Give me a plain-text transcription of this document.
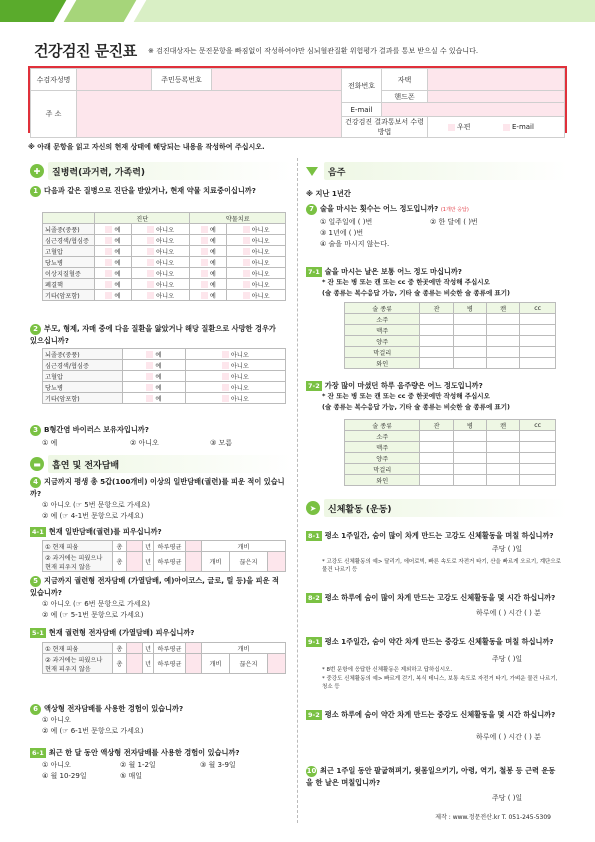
건강검진 문진표 ※ 검진대상자는 문진문항을 빠짐없이 작성하여야만 심뇌혈관질환 위험평가 결과를 통보 받으실 수 있습니다.
수검자성명		주민등록번호		전화번호	자택	
주 소					핸드폰	
				E-mail		
				건강검진 결과통보서 수령방법		우편 E-mail
※ 아래 문항을 읽고 자신의 현재 상태에 해당되는 내용을 작성하여 주십시오.
✚	질병력(과거력, 가족력)
1 다음과 같은 질병으로 진단을 받았거나, 현재 약물 치료중이십니까?
	진단		약물치료	
뇌졸중(중풍)	예	아니오	예	아니오
심근경색/협심증	예	아니오	예	아니오
고혈압	예	아니오	예	아니오
당뇨병	예	아니오	예	아니오
이상지질혈증	예	아니오	예	아니오
폐결핵	예	아니오	예	아니오
기타(암포함)	예	아니오	예	아니오
2 부모, 형제, 자매 중에 다음 질환을 앓았거나 해당 질환으로 사망한 경우가 있으십니까?
뇌졸중(중풍)	예	아니오
심근경색/협심증	예	아니오
고혈압	예	아니오
당뇨병	예	아니오
기타(암포함)	예	아니오
3 B형간염 바이러스 보유자입니까?
① 예	② 아니오	③ 모름
▬	흡연 및 전자담배
4 지금까지 평생 총 5갑(100개비) 이상의 일반담배(궐련)를 피운 적이 있습니까?
① 아니오 (☞ 5번 문항으로 가세요)
② 예 (☞ 4-1번 문항으로 가세요)
4-1 현재 일반담배(궐련)를 피우십니까?
① 현재 피움	총		년	하루평균		개비		
② 과거에는 피웠으나 현재 피우지 않음	총		년	하루평균		개비	끊은지	
5 지금까지 궐련형 전자담배 (가열담배, 예)아이코스, 글로, 릴 등)을 피운 적 있습니까?
① 아니오 (☞ 6번 문항으로 가세요)
② 예 (☞ 5-1번 문항으로 가세요)
5-1 현재 궐련형 전자담배 (가열담배) 피우십니까?
① 현재 피움	총		년	하루평균		개비		
② 과거에는 피웠으나 현재 피우지 않음	총		년	하루평균		개비	끊은지	
6 액상형 전자담배를 사용한 경험이 있습니까?
① 아니오
② 예 (☞ 6-1번 문항으로 가세요)
6-1 최근 한 달 동안 액상형 전자담배를 사용한 경험이 있습니까?
① 아니오	② 월 1-2일	③ 월 3-9일
④ 월 10-29일	⑤ 매일
음주
※ 지난 1년간
7 술을 마시는 횟수는 어느 정도입니까? (1개만 응답)
① 일주일에 ( )번	② 한 달에 ( )번
③ 1년에 ( )번
④ 술을 마시지 않는다.
7-1 술을 마시는 날은 보통 어느 정도 마십니까?
* 잔 또는 병 또는 캔 또는 cc 중 한곳에만 작성해 주십시오
(술 종류는 복수응답 가능, 기타 술 종류는 비슷한 술 종류에 표기)
술 종류	잔	병	캔	cc
소주				
맥주				
양주				
막걸리				
와인				
7-2 가장 많이 마셨던 하루 음주량은 어느 정도입니까?
* 잔 또는 병 또는 캔 또는 cc 중 한곳에만 작성해 주십시오
(술 종류는 복수응답 가능, 기타 술 종류는 비슷한 술 종류에 표기)
술 종류	잔	병	캔	cc
소주				
맥주				
양주				
막걸리				
와인				
➤	신체활동 (운동)
8-1 평소 1주일간, 숨이 많이 차게 만드는 고강도 신체활동을 며칠 하십니까?
주당 ( )일
* 고강도 신체활동의 예> 달리기, 에어로빅, 빠른 속도로 자전거 타기, 산을 빠르게 오르기, 계단으로 물건 나르기 등
8-2 평소 하루에 숨이 많이 차게 만드는 고강도 신체활동을 몇 시간 하십니까?
하루에 ( ) 시간 ( ) 분
9-1 평소 1주일간, 숨이 약간 차게 만드는 중강도 신체활동을 며칠 하십니까?
주당 ( )일
* 8번 문항에 응답한 신체활동은 제외하고 답하십시오.
* 중강도 신체활동의 예> 빠르게 걷기, 복식 테니스, 보통 속도로 자전거 타기, 가벼운 물건 나르기, 청소 등
9-2 평소 하루에 숨이 약간 차게 만드는 중강도 신체활동을 몇 시간 하십니까?
하루에 ( ) 시간 ( ) 분
10 최근 1주일 동안 팔굽혀펴기, 윗몸일으키기, 아령, 역기, 철봉 등 근력 운동을 한 날은 며칠입니까?
주당 ( )일
제작 : www.정문전산.kr T. 051-245-5309
